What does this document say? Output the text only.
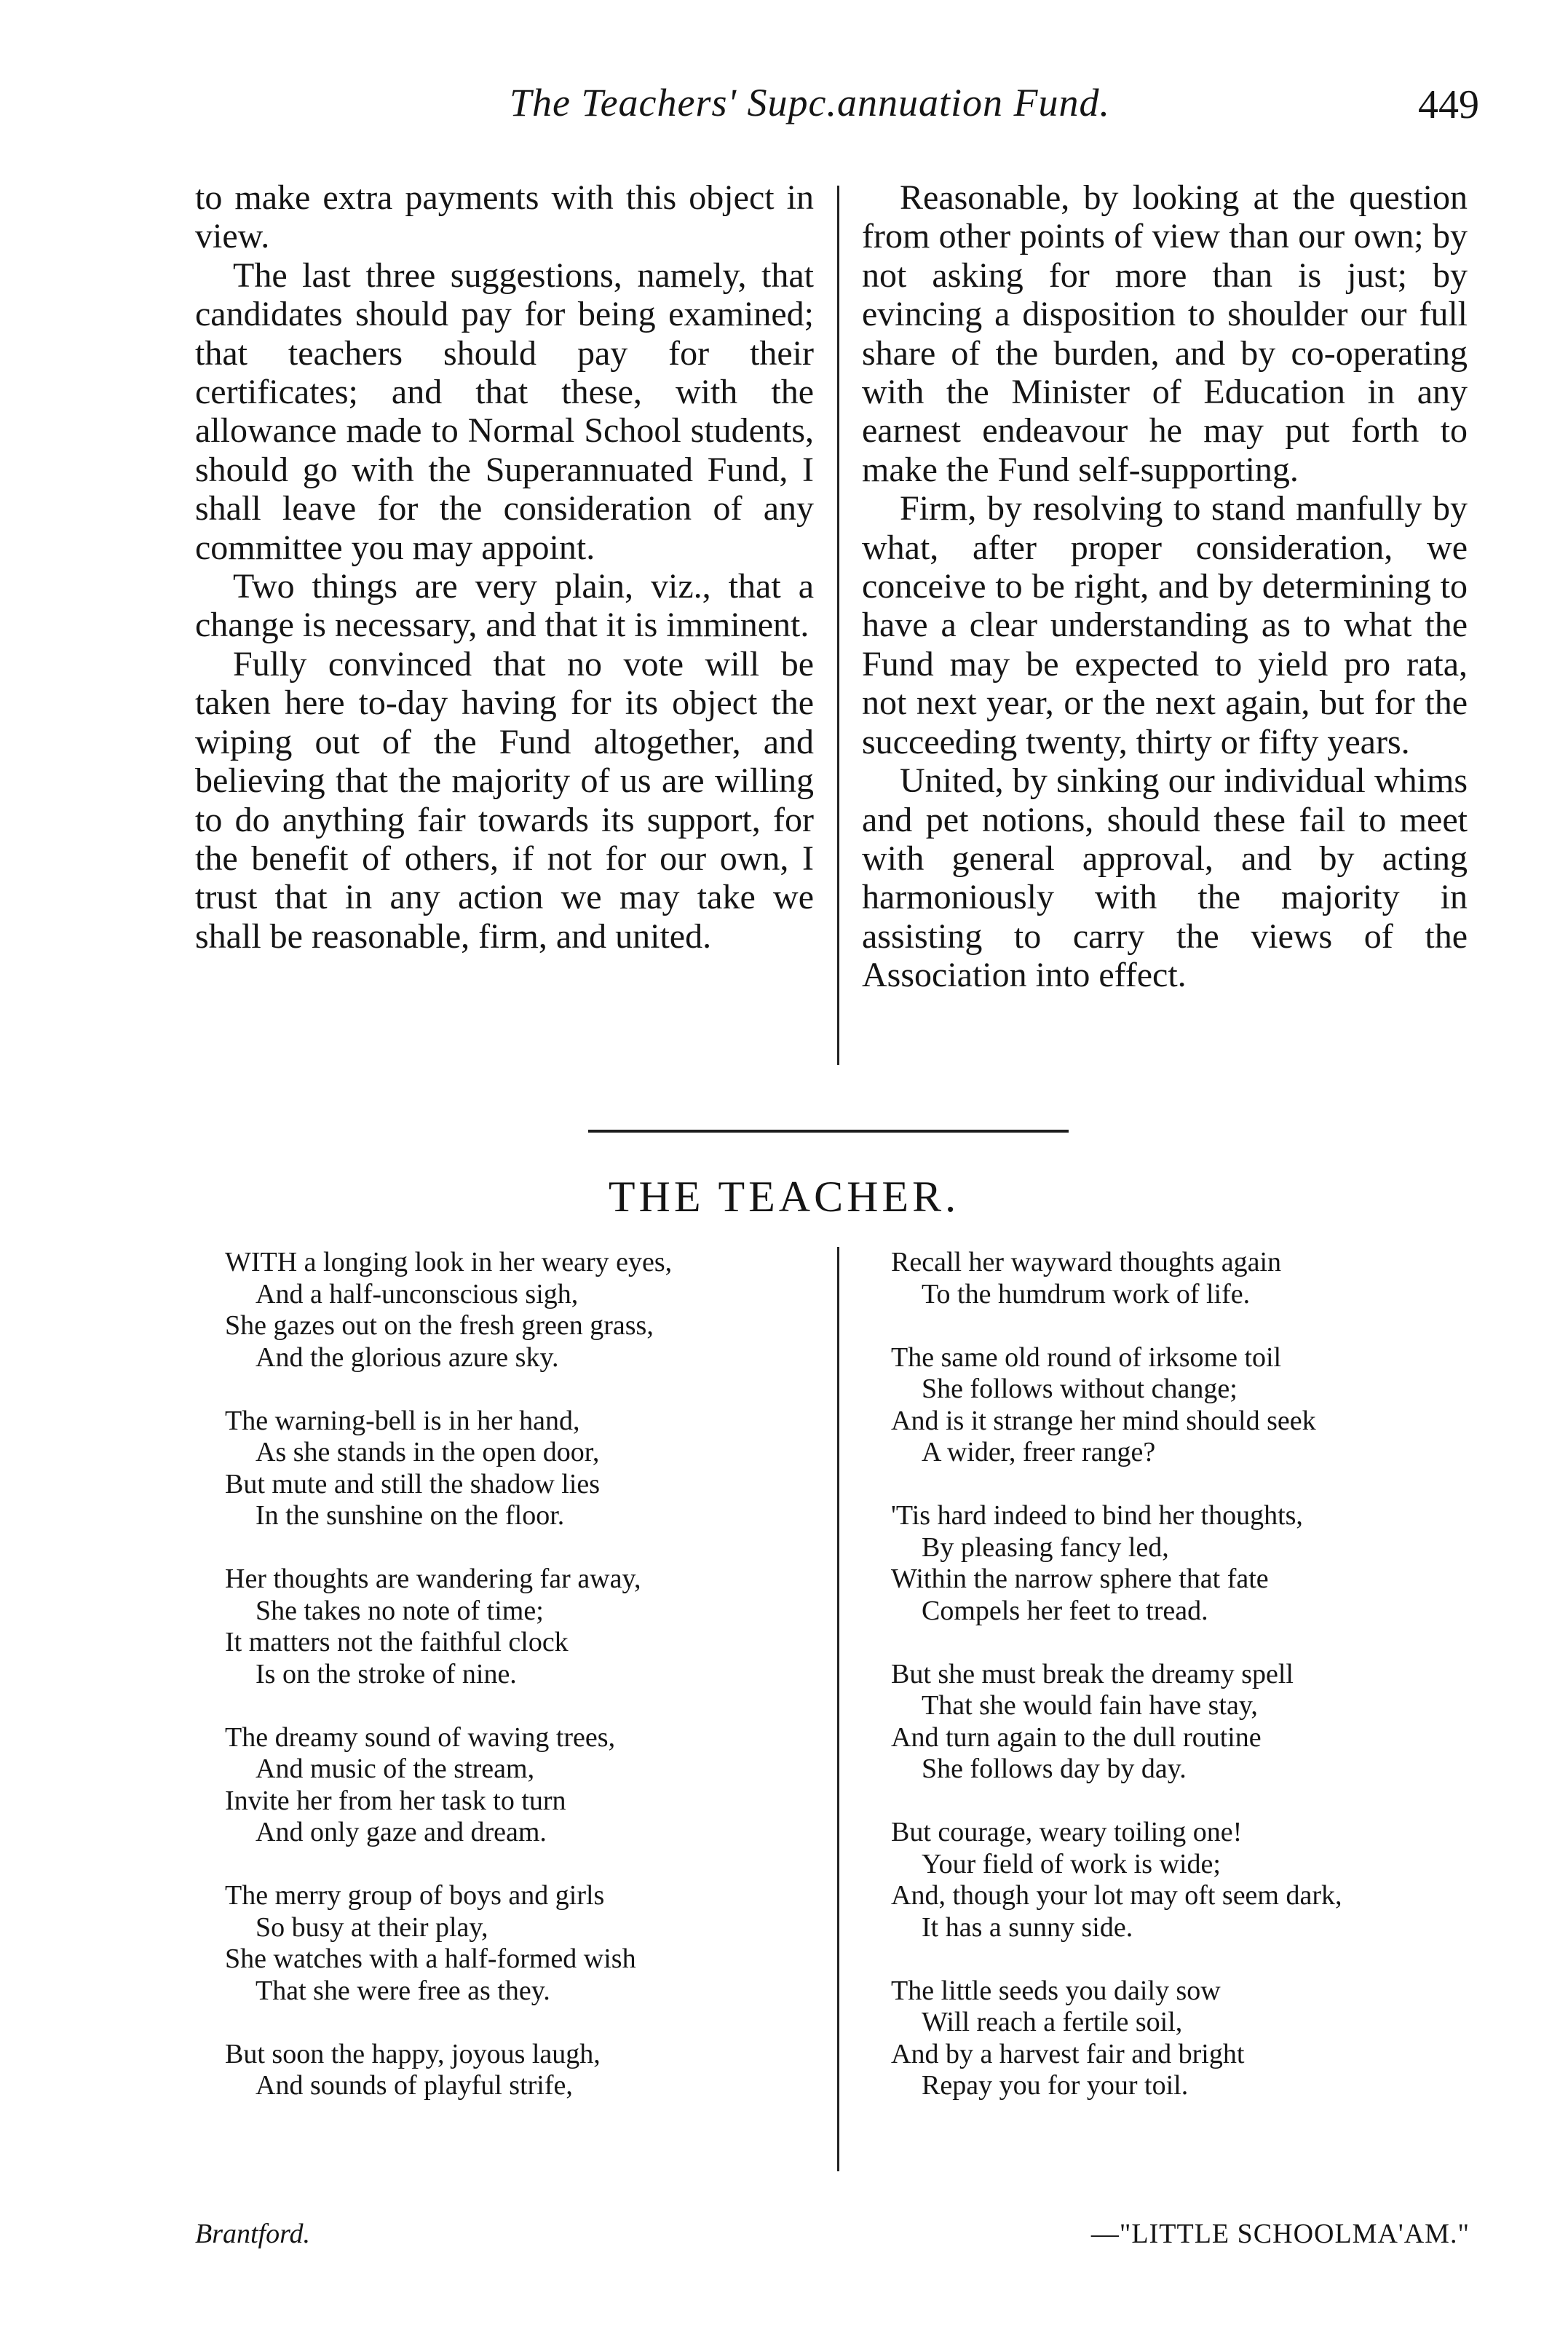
The Teachers' Supc.annuation Fund.	449

to make extra payments with this object in view.

The last three suggestions, namely, that candidates should pay for being examined; that teachers should pay for their certificates; and that these, with the allowance made to Normal School students, should go with the Superannuated Fund, I shall leave for the consideration of any committee you may appoint.

Two things are very plain, viz., that a change is necessary, and that it is imminent.

Fully convinced that no vote will be taken here to-day having for its object the wiping out of the Fund altogether, and believing that the majority of us are willing to do anything fair towards its support, for the benefit of others, if not for our own, I trust that in any action we may take we shall be reasonable, firm, and united.

Reasonable, by looking at the question from other points of view than our own; by not asking for more than is just; by evincing a disposition to shoulder our full share of the burden, and by co-operating with the Minister of Education in any earnest endeavour he may put forth to make the Fund self-supporting.

Firm, by resolving to stand manfully by what, after proper consideration, we conceive to be right, and by determining to have a clear understanding as to what the Fund may be expected to yield pro rata, not next year, or the next again, but for the succeeding twenty, thirty or fifty years.

United, by sinking our individual whims and pet notions, should these fail to meet with general approval, and by acting harmoniously with the majority in assisting to carry the views of the Association into effect.

THE TEACHER.
WITH a longing look in her weary eyes,
And a half-unconscious sigh,
She gazes out on the fresh green grass,
And the glorious azure sky.
The warning-bell is in her hand,
As she stands in the open door,
But mute and still the shadow lies
In the sunshine on the floor.
Her thoughts are wandering far away,
She takes no note of time;
It matters not the faithful clock
Is on the stroke of nine.
The dreamy sound of waving trees,
And music of the stream,
Invite her from her task to turn
And only gaze and dream.
The merry group of boys and girls
So busy at their play,
She watches with a half-formed wish
That she were free as they.
But soon the happy, joyous laugh,
And sounds of playful strife,
Recall her wayward thoughts again
To the humdrum work of life.
The same old round of irksome toil
She follows without change;
And is it strange her mind should seek
A wider, freer range?
'Tis hard indeed to bind her thoughts,
By pleasing fancy led,
Within the narrow sphere that fate
Compels her feet to tread.
But she must break the dreamy spell
That she would fain have stay,
And turn again to the dull routine
She follows day by day.
But courage, weary toiling one!
Your field of work is wide;
And, though your lot may oft seem dark,
It has a sunny side.
The little seeds you daily sow
Will reach a fertile soil,
And by a harvest fair and bright
Repay you for your toil.
Brantford.	—"LITTLE SCHOOLMA'AM."
